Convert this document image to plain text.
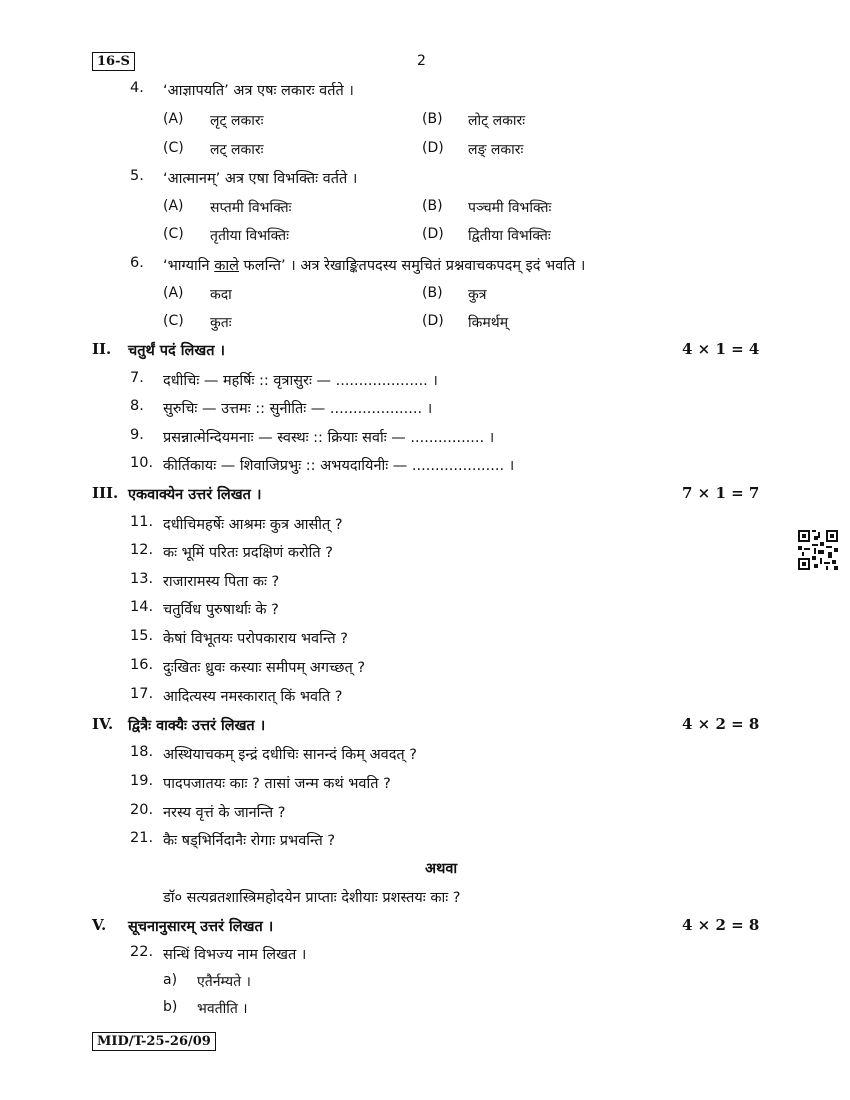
16-S	2
4. ‘आज्ञापयति’ अत्र एषः लकारः वर्तते ।
(A) लृट् लकारः	(B) लोट् लकारः
(C) लट् लकारः	(D) लङ् लकारः
5. ‘आत्मानम्’ अत्र एषा विभक्तिः वर्तते ।
(A) सप्तमी विभक्तिः	(B) पञ्चमी विभक्तिः
(C) तृतीया विभक्तिः	(D) द्वितीया विभक्तिः
6. ‘भाग्यानि काले फलन्ति’ । अत्र रेखाङ्कितपदस्य समुचितं प्रश्नवाचकपदम् इदं भवति ।
(A) कदा	(B) कुत्र
(C) कुतः	(D) किमर्थम्
II. चतुर्थं पदं लिखत ।	4 × 1 = 4
7. दधीचिः — महर्षिः :: वृत्रासुरः — .................... ।
8. सुरुचिः — उत्तमः :: सुनीतिः — .................... ।
9. प्रसन्नात्मेन्दियमनाः — स्वस्थः :: क्रियाः सर्वाः — ................ ।
10. कीर्तिकायः — शिवाजिप्रभुः :: अभयदायिनीः — .................... ।
III. एकवाक्येन उत्तरं लिखत ।	7 × 1 = 7
11. दधीचिमहर्षेः आश्रमः कुत्र आसीत् ?
12. कः भूमिं परितः प्रदक्षिणं करोति ?
13. राजारामस्य पिता कः ?
14. चतुर्विध पुरुषार्थाः के ?
15. केषां विभूतयः परोपकाराय भवन्ति ?
16. दुःखितः ध्रुवः कस्याः समीपम् अगच्छत् ?
17. आदित्यस्य नमस्कारात् किं भवति ?
IV. द्वित्रैः वाक्यैः उत्तरं लिखत ।	4 × 2 = 8
18. अस्थियाचकम् इन्द्रं दधीचिः सानन्दं किम् अवदत् ?
19. पादपजातयः काः ? तासां जन्म कथं भवति ?
20. नरस्य वृत्तं के जानन्ति ?
21. कैः षड्भिर्निदानैः रोगाः प्रभवन्ति ?
अथवा
डॉ० सत्यव्रतशास्त्रिमहोदयेन प्राप्ताः देशीयाः प्रशस्तयः काः ?
V. सूचनानुसारम् उत्तरं लिखत ।	4 × 2 = 8
22. सन्धिं विभज्य नाम लिखत ।
a) एतैर्नम्यते ।
b) भवतीति ।
MID/T-25-26/09
